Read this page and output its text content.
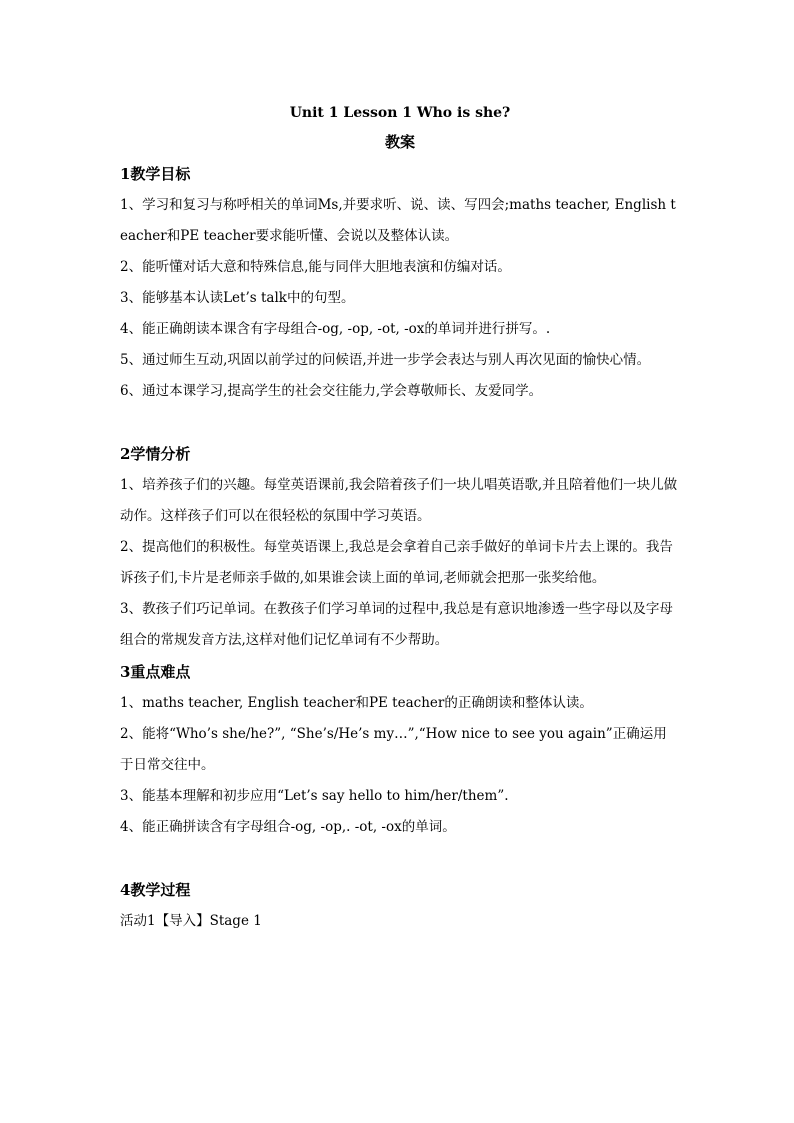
Unit 1 Lesson 1 Who is she?
教案
1教学目标

1、学习和复习与称呼相关的单词Ms,并要求听、说、读、写四会;maths teacher, English teacher和PE teacher要求能听懂、会说以及整体认读。

2、能听懂对话大意和特殊信息,能与同伴大胆地表演和仿编对话。

3、能够基本认读Let’s talk中的句型。

4、能正确朗读本课含有字母组合-og, -op, -ot, -ox的单词并进行拼写。.

5、通过师生互动,巩固以前学过的问候语,并进一步学会表达与别人再次见面的愉快心情。

6、通过本课学习,提高学生的社会交往能力,学会尊敬师长、友爱同学。

2学情分析

1、培养孩子们的兴趣。每堂英语课前,我会陪着孩子们一块儿唱英语歌,并且陪着他们一块儿做动作。这样孩子们可以在很轻松的氛围中学习英语。

2、提高他们的积极性。每堂英语课上,我总是会拿着自己亲手做好的单词卡片去上课的。我告诉孩子们,卡片是老师亲手做的,如果谁会读上面的单词,老师就会把那一张奖给他。

3、教孩子们巧记单词。在教孩子们学习单词的过程中,我总是有意识地渗透一些字母以及字母组合的常规发音方法,这样对他们记忆单词有不少帮助。

3重点难点

1、maths teacher, English teacher和PE teacher的正确朗读和整体认读。

2、能将“Who’s she/he?”, “She’s/He’s my…”,“How nice to see you again”正确运用于日常交往中。

3、能基本理解和初步应用“Let’s say hello to him/her/them”.

4、能正确拼读含有字母组合-og, -op,. -ot, -ox的单词。

4教学过程
活动1【导入】Stage 1
